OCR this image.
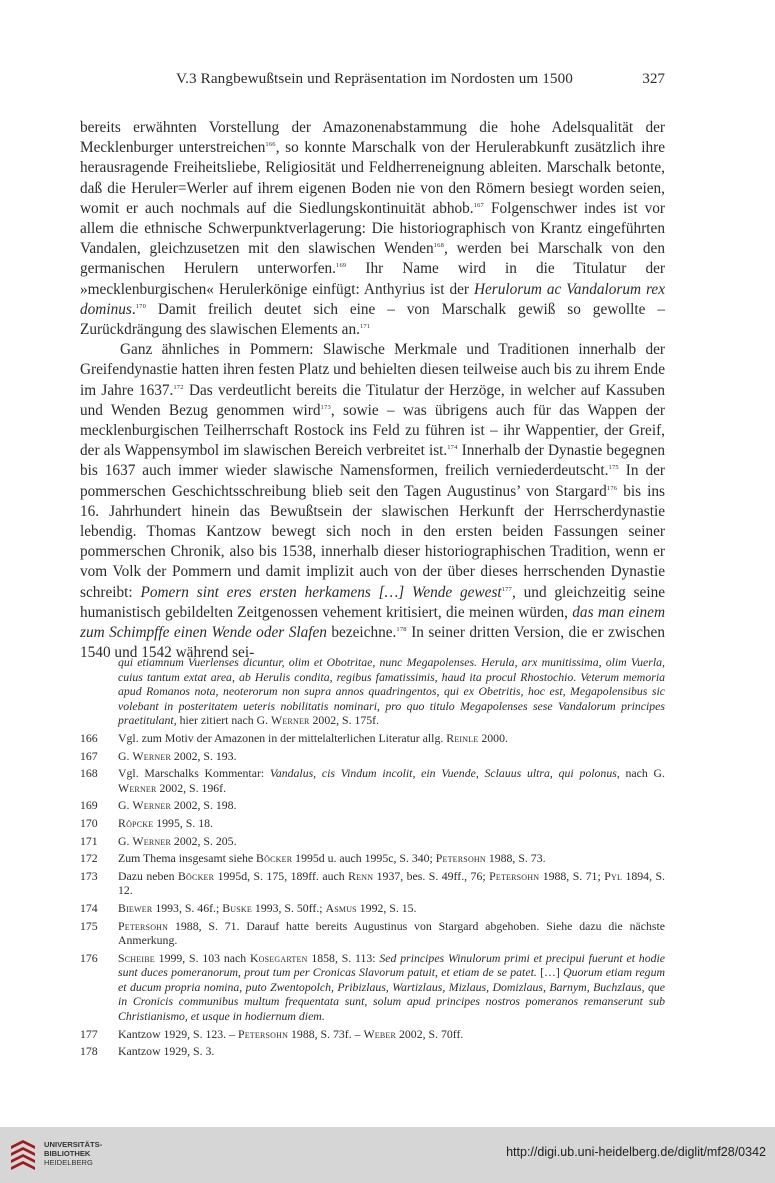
V.3 Rangbewußtsein und Repräsentation im Nordosten um 1500	327

bereits erwähnten Vorstellung der Amazonenabstammung die hohe Adelsqualität der Mecklenburger unterstreichen$^{166}$, so konnte Marschalk von der Herulerabkunft zusätzlich ihre herausragende Freiheitsliebe, Religiosität und Feldherreneignung ableiten. Marschalk betonte, daß die Heruler=Werler auf ihrem eigenen Boden nie von den Römern besiegt worden seien, womit er auch nochmals auf die Siedlungskontinuität abhob.$^{167}$ Folgenschwer indes ist vor allem die ethnische Schwerpunktverlagerung: Die historiographisch von Krantz eingeführten Vandalen, gleichzusetzen mit den slawischen Wenden$^{168}$, werden bei Marschalk von den germanischen Herulern unterworfen.$^{169}$ Ihr Name wird in die Titulatur der »mecklenburgischen« Herulerkönige einfügt: Anthyrius ist der Herulorum ac Vandalorum rex dominus.$^{170}$ Damit freilich deutet sich eine – von Marschalk gewiß so gewollte – Zurückdrängung des slawischen Elements an.$^{171}$

Ganz ähnliches in Pommern: Slawische Merkmale und Traditionen innerhalb der Greifendynastie hatten ihren festen Platz und behielten diesen teilweise auch bis zu ihrem Ende im Jahre 1637.$^{172}$ Das verdeutlicht bereits die Titulatur der Herzöge, in welcher auf Kassuben und Wenden Bezug genommen wird$^{173}$, sowie – was übrigens auch für das Wappen der mecklenburgischen Teilherrschaft Rostock ins Feld zu führen ist – ihr Wappentier, der Greif, der als Wappensymbol im slawischen Bereich verbreitet ist.$^{174}$ Innerhalb der Dynastie begegnen bis 1637 auch immer wieder slawische Namensformen, freilich verniederdeutscht.$^{175}$ In der pommerschen Geschichtsschreibung blieb seit den Tagen Augustinus’ von Stargard$^{176}$ bis ins 16. Jahrhundert hinein das Bewußtsein der slawischen Herkunft der Herrscherdynastie lebendig. Thomas Kantzow bewegt sich noch in den ersten beiden Fassungen seiner pommerschen Chronik, also bis 1538, innerhalb dieser historiographischen Tradition, wenn er vom Volk der Pommern und damit implizit auch von der über dieses herrschenden Dynastie schreibt: Pomern sint eres ersten herkamens […] Wende gewest$^{177}$, und gleichzeitig seine humanistisch gebildelten Zeitgenossen vehement kritisiert, die meinen würden, das man einem zum Schimpffe einen Wende oder Slafen bezeichne.$^{178}$ In seiner dritten Version, die er zwischen 1540 und 1542 während sei-

qui etiamnum Vuerlenses dicuntur, olim et Obotritae, nunc Megapolenses. Herula, arx munitissima, olim Vuerla, cuius tantum extat area, ab Herulis condita, regibus famatissimis, haud ita procul Rhostochio. Veterum memoria apud Romanos nota, neoterorum non supra annos quadringentos, qui ex Obetritis, hoc est, Megapolensibus sic volebant in posteritatem ueteris nobilitatis nominari, pro quo titulo Megapolenses sese Vandalorum principes praetitulant, hier zitiert nach G. Werner 2002, S. 175f.
166	Vgl. zum Motiv der Amazonen in der mittelalterlichen Literatur allg. Reinle 2000.
167	G. Werner 2002, S. 193.
168	Vgl. Marschalks Kommentar: Vandalus, cis Vindum incolit, ein Vuende, Sclauus ultra, qui polonus, nach G. Werner 2002, S. 196f.
169	G. Werner 2002, S. 198.
170	Röpcke 1995, S. 18.
171	G. Werner 2002, S. 205.
172	Zum Thema insgesamt siehe Böcker 1995d u. auch 1995c, S. 340; Petersohn 1988, S. 73.
173	Dazu neben Böcker 1995d, S. 175, 189ff. auch Renn 1937, bes. S. 49ff., 76; Petersohn 1988, S. 71; Pyl 1894, S. 12.
174	Biewer 1993, S. 46f.; Buske 1993, S. 50ff.; Asmus 1992, S. 15.
175	Petersohn 1988, S. 71. Darauf hatte bereits Augustinus von Stargard abgehoben. Siehe dazu die nächste Anmerkung.
176	Scheibe 1999, S. 103 nach Kosegarten 1858, S. 113: Sed principes Winulorum primi et precipui fuerunt et hodie sunt duces pomeranorum, prout tum per Cronicas Slavorum patuit, et etiam de se patet. […] Quorum etiam regum et ducum propria nomina, puto Zwentopolch, Pribizlaus, Wartizlaus, Mizlaus, Domizlaus, Barnym, Buchzlaus, que in Cronicis communibus multum frequentata sunt, solum apud principes nostros pomeranos remanserunt sub Christianismo, et usque in hodiernum diem.
177	Kantzow 1929, S. 123. – Petersohn 1988, S. 73f. – Weber 2002, S. 70ff.
178	Kantzow 1929, S. 3.
UNIVERSITÄTS-
BIBLIOTHEK
HEIDELBERG
http://digi.ub.uni-heidelberg.de/diglit/mf28/0342
